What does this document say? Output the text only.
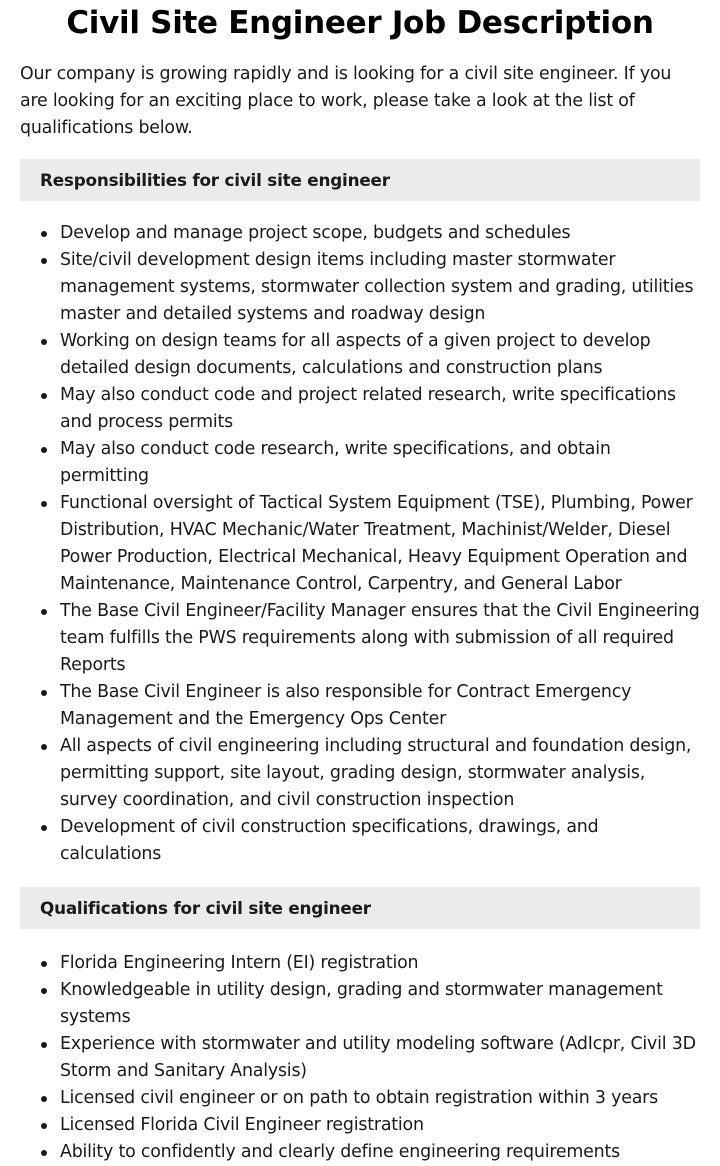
Civil Site Engineer Job Description

Our company is growing rapidly and is looking for a civil site engineer. If you are looking for an exciting place to work, please take a look at the list of qualifications below.

Responsibilities for civil site engineer
Develop and manage project scope, budgets and schedules
Site/civil development design items including master stormwater management systems, stormwater collection system and grading, utilities master and detailed systems and roadway design
Working on design teams for all aspects of a given project to develop detailed design documents, calculations and construction plans
May also conduct code and project related research, write specifications and process permits
May also conduct code research, write specifications, and obtain permitting
Functional oversight of Tactical System Equipment (TSE), Plumbing, Power Distribution, HVAC Mechanic/Water Treatment, Machinist/Welder, Diesel Power Production, Electrical Mechanical, Heavy Equipment Operation and Maintenance, Maintenance Control, Carpentry, and General Labor
The Base Civil Engineer/Facility Manager ensures that the Civil Engineering team fulfills the PWS requirements along with submission of all required Reports
The Base Civil Engineer is also responsible for Contract Emergency Management and the Emergency Ops Center
All aspects of civil engineering including structural and foundation design, permitting support, site layout, grading design, stormwater analysis, survey coordination, and civil construction inspection
Development of civil construction specifications, drawings, and calculations
Qualifications for civil site engineer
Florida Engineering Intern (EI) registration
Knowledgeable in utility design, grading and stormwater management systems
Experience with stormwater and utility modeling software (AdIcpr, Civil 3D Storm and Sanitary Analysis)
Licensed civil engineer or on path to obtain registration within 3 years
Licensed Florida Civil Engineer registration
Ability to confidently and clearly define engineering requirements
